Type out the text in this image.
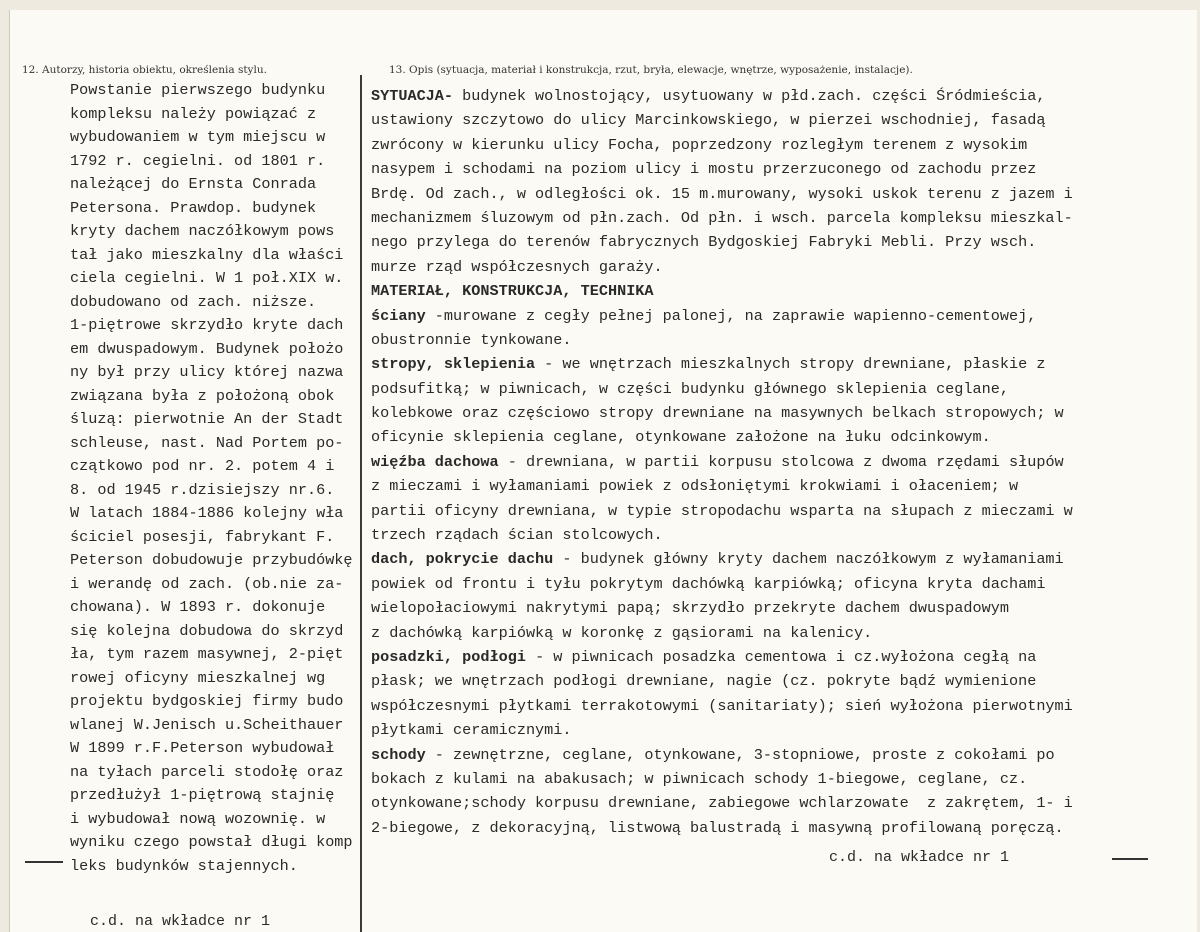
12. Autorzy, historia obiektu, określenia stylu.	13. Opis (sytuacja, materiał i konstrukcja, rzut, bryła, elewacje, wnętrze, wyposażenie, instalacje).
Powstanie pierwszego budynku
kompleksu należy powiązać z
wybudowaniem w tym miejscu w
1792 r. cegielni. od 1801 r.
należącej do Ernsta Conrada
Petersona. Prawdop. budynek
kryty dachem naczółkowym pows
tał jako mieszkalny dla właści
ciela cegielni. W 1 poł.XIX w.
dobudowano od zach. niższe.
1-piętrowe skrzydło kryte dach
em dwuspadowym. Budynek położo
ny był przy ulicy której nazwa
związana była z położoną obok
śluzą: pierwotnie An der Stadt
schleuse, nast. Nad Portem po-
czątkowo pod nr. 2. potem 4 i
8. od 1945 r.dzisiejszy nr.6.
W latach 1884-1886 kolejny wła
ściciel posesji, fabrykant F.
Peterson dobudowuje przybudówkę
i werandę od zach. (ob.nie za-
chowana). W 1893 r. dokonuje
się kolejna dobudowa do skrzyd
ła, tym razem masywnej, 2-pięt
rowej oficyny mieszkalnej wg
projektu bydgoskiej firmy budo
wlanej W.Jenisch u.Scheithauer
W 1899 r.F.Peterson wybudował
na tyłach parceli stodołę oraz
przedłużył 1-piętrową stajnię
i wybudował nową wozownię. w
wyniku czego powstał długi komp
leks budynków stajennych.
SYTUACJA- budynek wolnostojący, usytuowany w płd.zach. części Śródmieścia,
ustawiony szczytowo do ulicy Marcinkowskiego, w pierzei wschodniej, fasadą
zwrócony w kierunku ulicy Focha, poprzedzony rozległym terenem z wysokim
nasypem i schodami na poziom ulicy i mostu przerzuconego od zachodu przez
Brdę. Od zach., w odległości ok. 15 m.murowany, wysoki uskok terenu z jazem i
mechanizmem śluzowym od płn.zach. Od płn. i wsch. parcela kompleksu mieszkal-
nego przylega do terenów fabrycznych Bydgoskiej Fabryki Mebli. Przy wsch.
murze rząd współczesnych garaży.
MATERIAŁ, KONSTRUKCJA, TECHNIKA
ściany -murowane z cegły pełnej palonej, na zaprawie wapienno-cementowej,
obustronnie tynkowane.
stropy, sklepienia - we wnętrzach mieszkalnych stropy drewniane, płaskie z
podsufitką; w piwnicach, w części budynku głównego sklepienia ceglane,
kolebkowe oraz częściowo stropy drewniane na masywnych belkach stropowych; w
oficynie sklepienia ceglane, otynkowane założone na łuku odcinkowym.
więźba dachowa - drewniana, w partii korpusu stolcowa z dwoma rzędami słupów
z mieczami i wyłamaniami powiek z odsłoniętymi krokwiami i ołaceniem; w
partii oficyny drewniana, w typie stropodachu wsparta na słupach z mieczami w
trzech rządach ścian stolcowych.
dach, pokrycie dachu - budynek główny kryty dachem naczółkowym z wyłamaniami
powiek od frontu i tyłu pokrytym dachówką karpiówką; oficyna kryta dachami
wielopołaciowymi nakrytymi papą; skrzydło przekryte dachem dwuspadowym
z dachówką karpiówką w koronkę z gąsiorami na kalenicy.
posadzki, podłogi - w piwnicach posadzka cementowa i cz.wyłożona cegłą na
płask; we wnętrzach podłogi drewniane, nagie (cz. pokryte bądź wymienione
współczesnymi płytkami terrakotowymi (sanitariaty); sień wyłożona pierwotnymi
płytkami ceramicznymi.
schody - zewnętrzne, ceglane, otynkowane, 3-stopniowe, proste z cokołami po
bokach z kulami na abakusach; w piwnicach schody 1-biegowe, ceglane, cz.
otynkowane;schody korpusu drewniane, zabiegowe wchlarzowate  z zakrętem, 1- i
2-biegowe, z dekoracyjną, listwową balustradą i masywną profilowaną poręczą.
c.d. na wkładce nr 1
c.d. na wkładce nr 1
